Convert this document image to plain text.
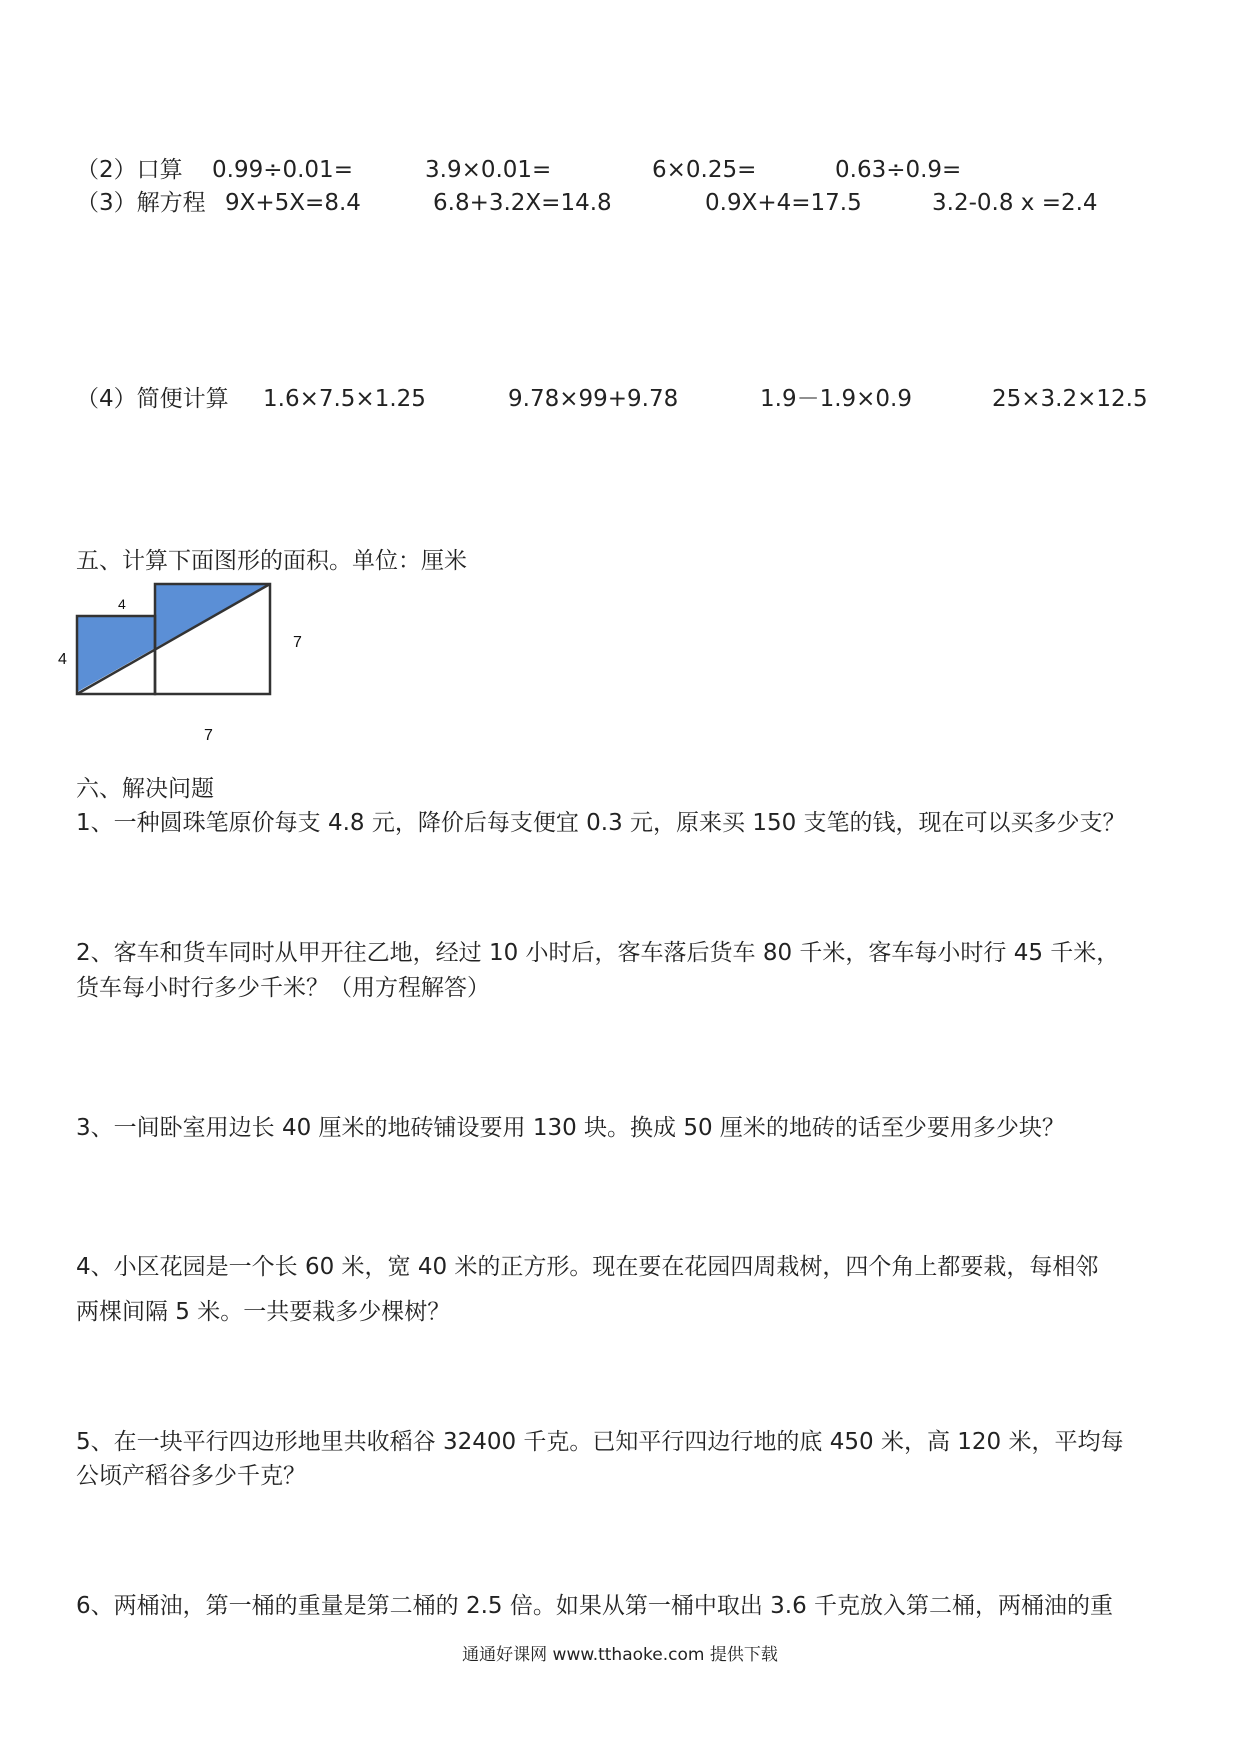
（2）口算 0.99÷0.01=	3.9×0.01=	6×0.25=	0.63÷0.9=
（3）解方程 9X+5X=8.4	6.8+3.2X=14.8	0.9X+4=17.5	3.2-0.8 x =2.4
（4）简便计算 1.6×7.5×1.25	9.78×99+9.78	1.9－1.9×0.9	25×3.2×12.5
五、计算下面图形的面积。单位：厘米
4
4
7
7
六、解决问题
1、一种圆珠笔原价每支 4.8 元，降价后每支便宜 0.3 元，原来买 150 支笔的钱，现在可以买多少支？
2、客车和货车同时从甲开往乙地，经过 10 小时后，客车落后货车 80 千米，客车每小时行 45 千米，
货车每小时行多少千米？（用方程解答）
3、一间卧室用边长 40 厘米的地砖铺设要用 130 块。换成 50 厘米的地砖的话至少要用多少块？
4、小区花园是一个长 60 米，宽 40 米的正方形。现在要在花园四周栽树，四个角上都要栽，每相邻
两棵间隔 5 米。一共要栽多少棵树？
5、在一块平行四边形地里共收稻谷 32400 千克。已知平行四边行地的底 450 米，高 120 米，平均每
公顷产稻谷多少千克？
6、两桶油，第一桶的重量是第二桶的 2.5 倍。如果从第一桶中取出 3.6 千克放入第二桶，两桶油的重
通通好课网 www.tthaoke.com 提供下载
